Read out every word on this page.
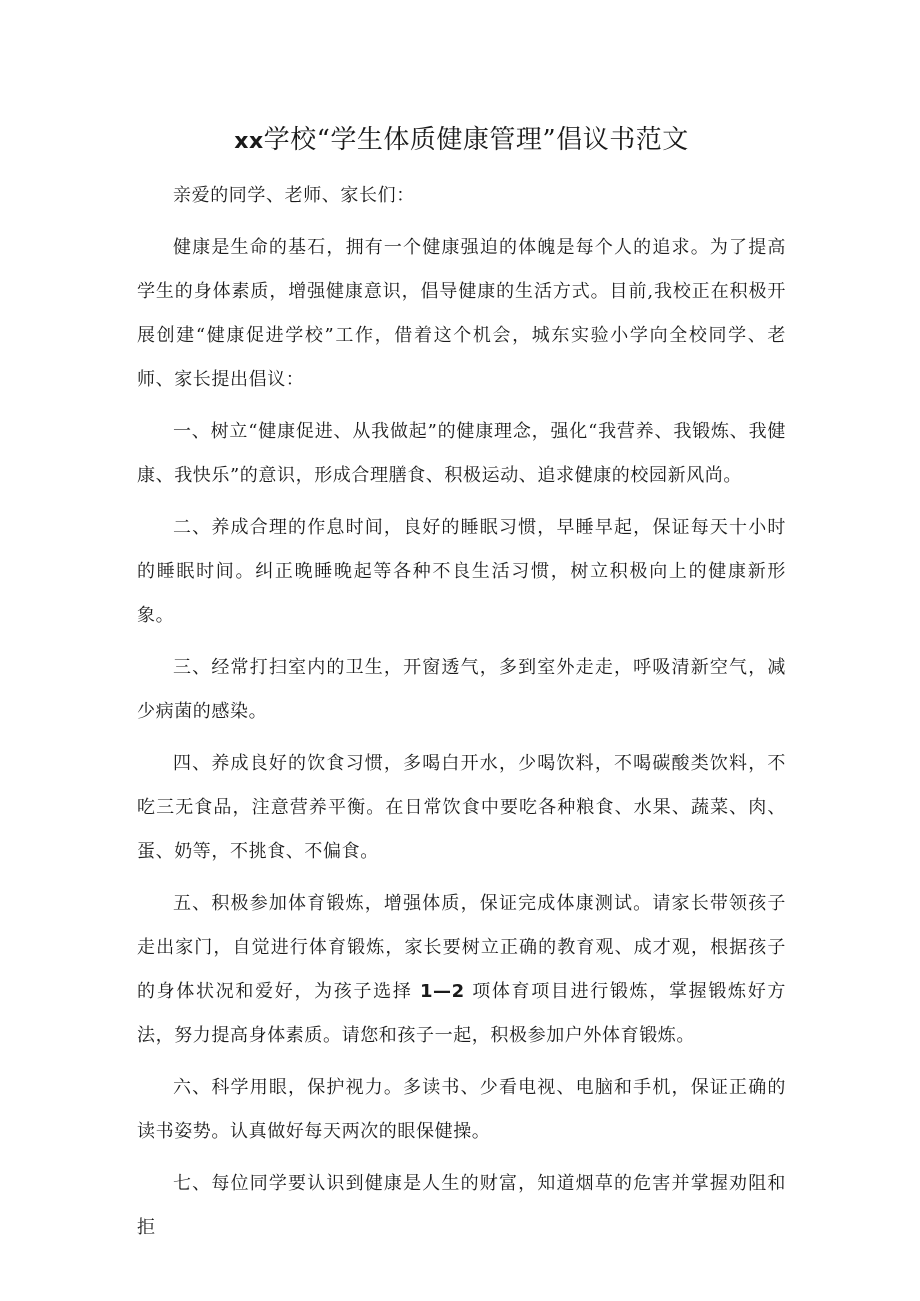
xx学校“学生体质健康管理”倡议书范文

亲爱的同学、老师、家长们：

健康是生命的基石，拥有一个健康强迫的体魄是每个人的追求。为了提高学生的身体素质，增强健康意识，倡导健康的生活方式。目前,我校正在积极开展创建“健康促进学校”工作，借着这个机会，城东实验小学向全校同学、老师、家长提出倡议：

一、树立“健康促进、从我做起”的健康理念，强化“我营养、我锻炼、我健康、我快乐”的意识，形成合理膳食、积极运动、追求健康的校园新风尚。

二、养成合理的作息时间，良好的睡眠习惯，早睡早起，保证每天十小时的睡眠时间。纠正晚睡晚起等各种不良生活习惯，树立积极向上的健康新形象。

三、经常打扫室内的卫生，开窗透气，多到室外走走，呼吸清新空气，减少病菌的感染。

四、养成良好的饮食习惯，多喝白开水，少喝饮料，不喝碳酸类饮料，不吃三无食品，注意营养平衡。在日常饮食中要吃各种粮食、水果、蔬菜、肉、蛋、奶等，不挑食、不偏食。

五、积极参加体育锻炼，增强体质，保证完成体康测试。请家长带领孩子走出家门，自觉进行体育锻炼，家长要树立正确的教育观、成才观，根据孩子的身体状况和爱好，为孩子选择 1—2 项体育项目进行锻炼，掌握锻炼好方法，努力提高身体素质。请您和孩子一起，积极参加户外体育锻炼。

六、科学用眼，保护视力。多读书、少看电视、电脑和手机，保证正确的读书姿势。认真做好每天两次的眼保健操。

七、每位同学要认识到健康是人生的财富，知道烟草的危害并掌握劝阻和拒
